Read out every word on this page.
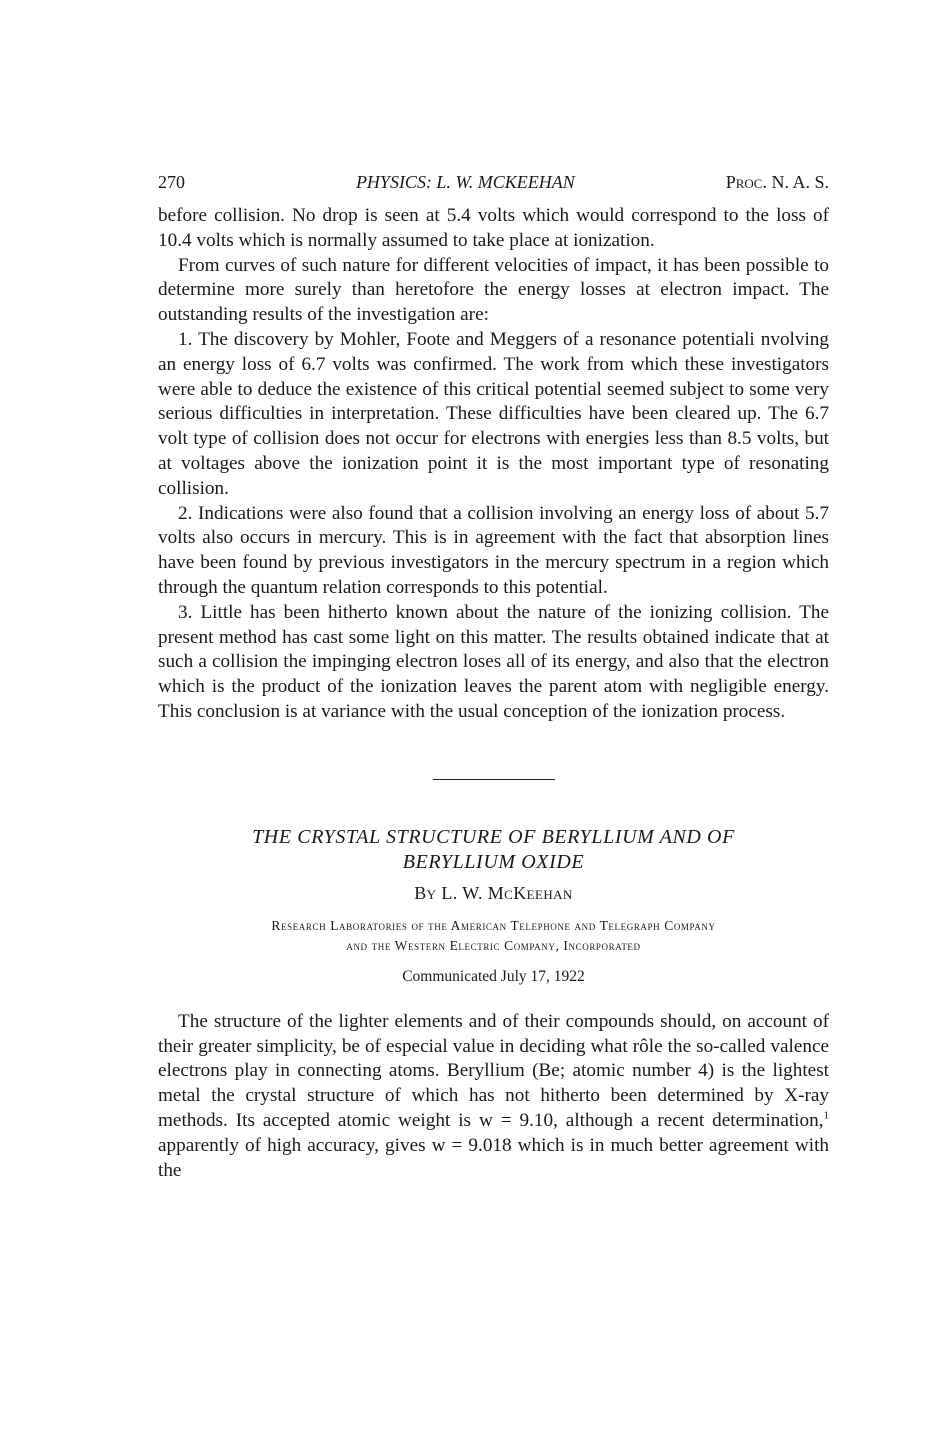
270	PHYSICS: L. W. MCKEEHAN	Proc. N. A. S.

before collision. No drop is seen at 5.4 volts which would correspond to the loss of 10.4 volts which is normally assumed to take place at ionization.

From curves of such nature for different velocities of impact, it has been possible to determine more surely than heretofore the energy losses at electron impact. The outstanding results of the investigation are:

1. The discovery by Mohler, Foote and Meggers of a resonance potentiali nvolving an energy loss of 6.7 volts was confirmed. The work from which these investigators were able to deduce the existence of this critical potential seemed subject to some very serious difficulties in interpretation. These difficulties have been cleared up. The 6.7 volt type of collision does not occur for electrons with energies less than 8.5 volts, but at voltages above the ionization point it is the most important type of resonating collision.

2. Indications were also found that a collision involving an energy loss of about 5.7 volts also occurs in mercury. This is in agreement with the fact that absorption lines have been found by previous investigators in the mercury spectrum in a region which through the quantum relation corresponds to this potential.

3. Little has been hitherto known about the nature of the ionizing collision. The present method has cast some light on this matter. The results obtained indicate that at such a collision the impinging electron loses all of its energy, and also that the electron which is the product of the ionization leaves the parent atom with negligible energy. This conclusion is at variance with the usual conception of the ionization process.

THE CRYSTAL STRUCTURE OF BERYLLIUM AND OF
BERYLLIUM OXIDE
By L. W. McKeehan
Research Laboratories of the American Telephone and Telegraph Company
and the Western Electric Company, Incorporated
Communicated July 17, 1922

The structure of the lighter elements and of their compounds should, on account of their greater simplicity, be of especial value in deciding what rôle the so-called valence electrons play in connecting atoms. Beryllium (Be; atomic number 4) is the lightest metal the crystal structure of which has not hitherto been determined by X-ray methods. Its accepted atomic weight is w = 9.10, although a recent determination,$^1$ apparently of high accuracy, gives w = 9.018 which is in much better agreement with the
